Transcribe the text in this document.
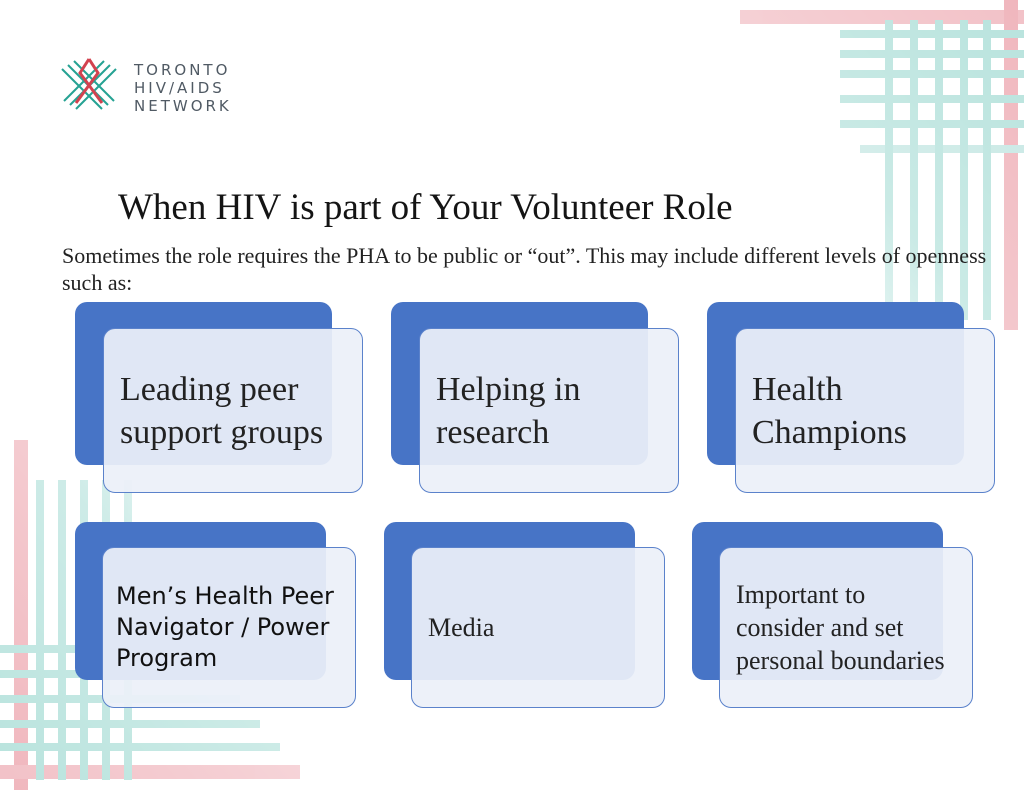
TORONTO
HIV/AIDS
NETWORK
When HIV is part of Your Volunteer Role

Sometimes the role requires the PHA to be public or “out”. This may include different levels of openness such as:

Leading peer support groups
Helping in research
Health Champions
Men’s Health Peer Navigator / Power Program
Media
Important to consider and set personal boundaries
